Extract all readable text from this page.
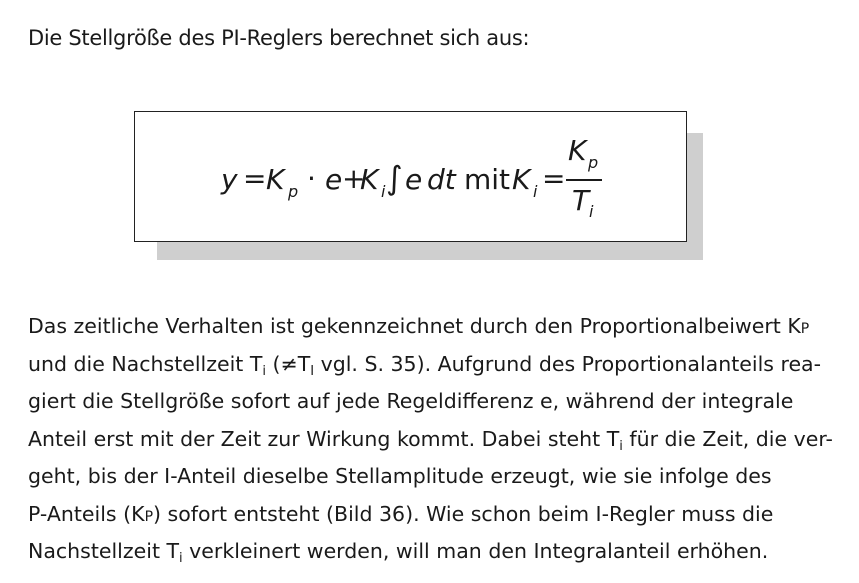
Die Stellgröße des PI-Reglers berechnet sich aus:
y = K p · e +
K i ∫ e dt mit K i =
K p
T i
Das zeitliche Verhalten ist gekennzeichnet durch den Proportionalbeiwert KP
und die Nachstellzeit Ti (≠TI vgl. S. 35). Aufgrund des Proportionalanteils rea-
giert die Stellgröße sofort auf jede Regeldifferenz e, während der integrale
Anteil erst mit der Zeit zur Wirkung kommt. Dabei steht Ti für die Zeit, die ver-
geht, bis der I-Anteil dieselbe Stellamplitude erzeugt, wie sie infolge des
P-Anteils (KP) sofort entsteht (Bild 36). Wie schon beim I-Regler muss die
Nachstellzeit Ti verkleinert werden, will man den Integralanteil erhöhen.
